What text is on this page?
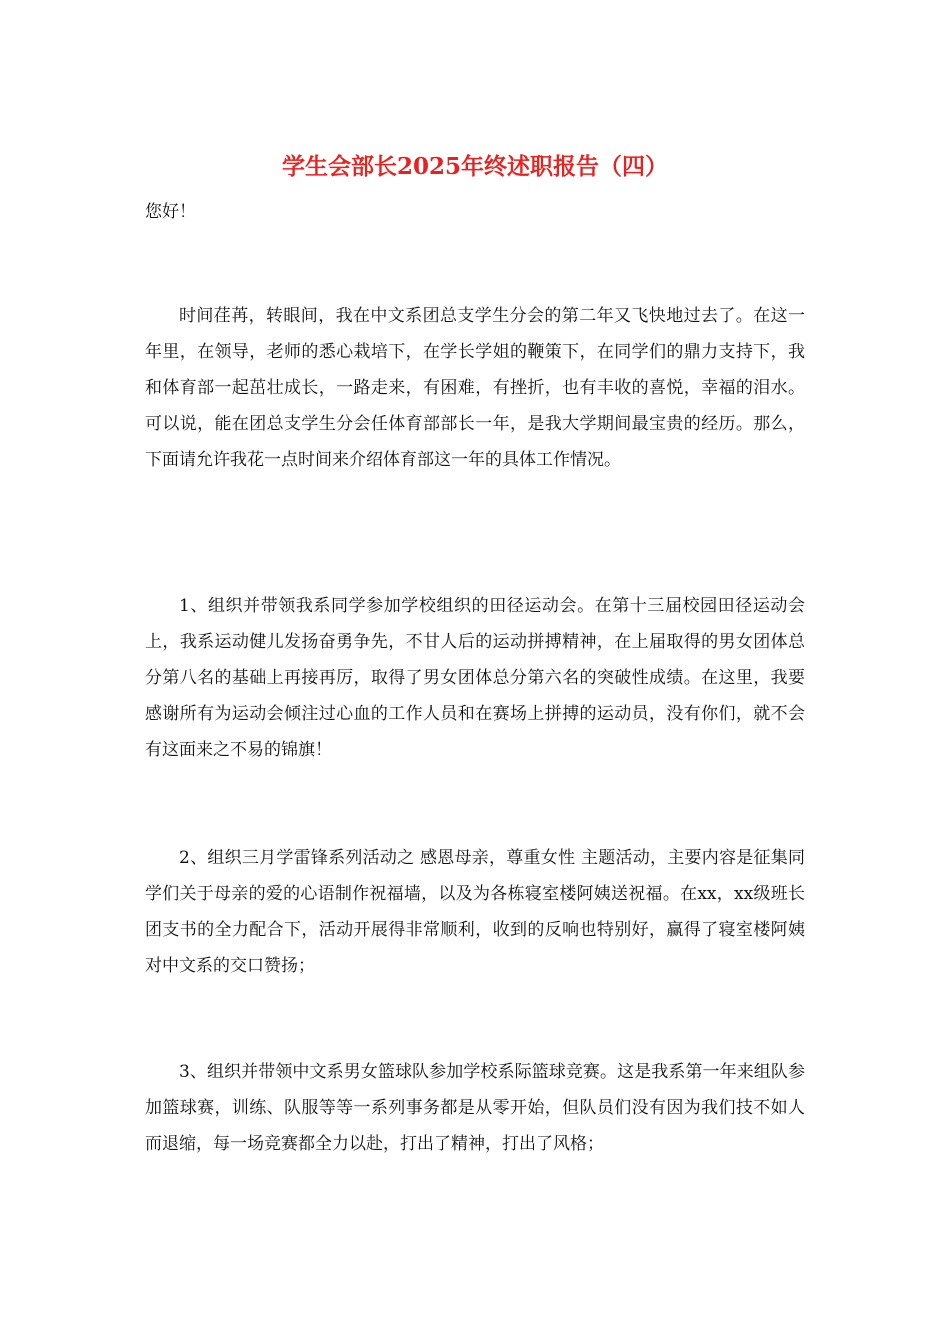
学生会部长2025年终述职报告（四）

您好！

时间荏苒，转眼间，我在中文系团总支学生分会的第二年又飞快地过去了。在这一年里，在领导，老师的悉心栽培下，在学长学姐的鞭策下，在同学们的鼎力支持下，我和体育部一起茁壮成长，一路走来，有困难，有挫折，也有丰收的喜悦，幸福的泪水。可以说，能在团总支学生分会任体育部部长一年，是我大学期间最宝贵的经历。那么，下面请允许我花一点时间来介绍体育部这一年的具体工作情况。

1、组织并带领我系同学参加学校组织的田径运动会。在第十三届校园田径运动会上，我系运动健儿发扬奋勇争先，不甘人后的运动拼搏精神，在上届取得的男女团体总分第八名的基础上再接再厉，取得了男女团体总分第六名的突破性成绩。在这里，我要感谢所有为运动会倾注过心血的工作人员和在赛场上拼搏的运动员，没有你们，就不会有这面来之不易的锦旗！

2、组织三月学雷锋系列活动之 感恩母亲，尊重女性 主题活动，主要内容是征集同学们关于母亲的爱的心语制作祝福墙，以及为各栋寝室楼阿姨送祝福。在xx，xx级班长团支书的全力配合下，活动开展得非常顺利，收到的反响也特别好，赢得了寝室楼阿姨对中文系的交口赞扬；

3、组织并带领中文系男女篮球队参加学校系际篮球竞赛。这是我系第一年来组队参加篮球赛，训练、队服等等一系列事务都是从零开始，但队员们没有因为我们技不如人而退缩，每一场竞赛都全力以赴，打出了精神，打出了风格；
